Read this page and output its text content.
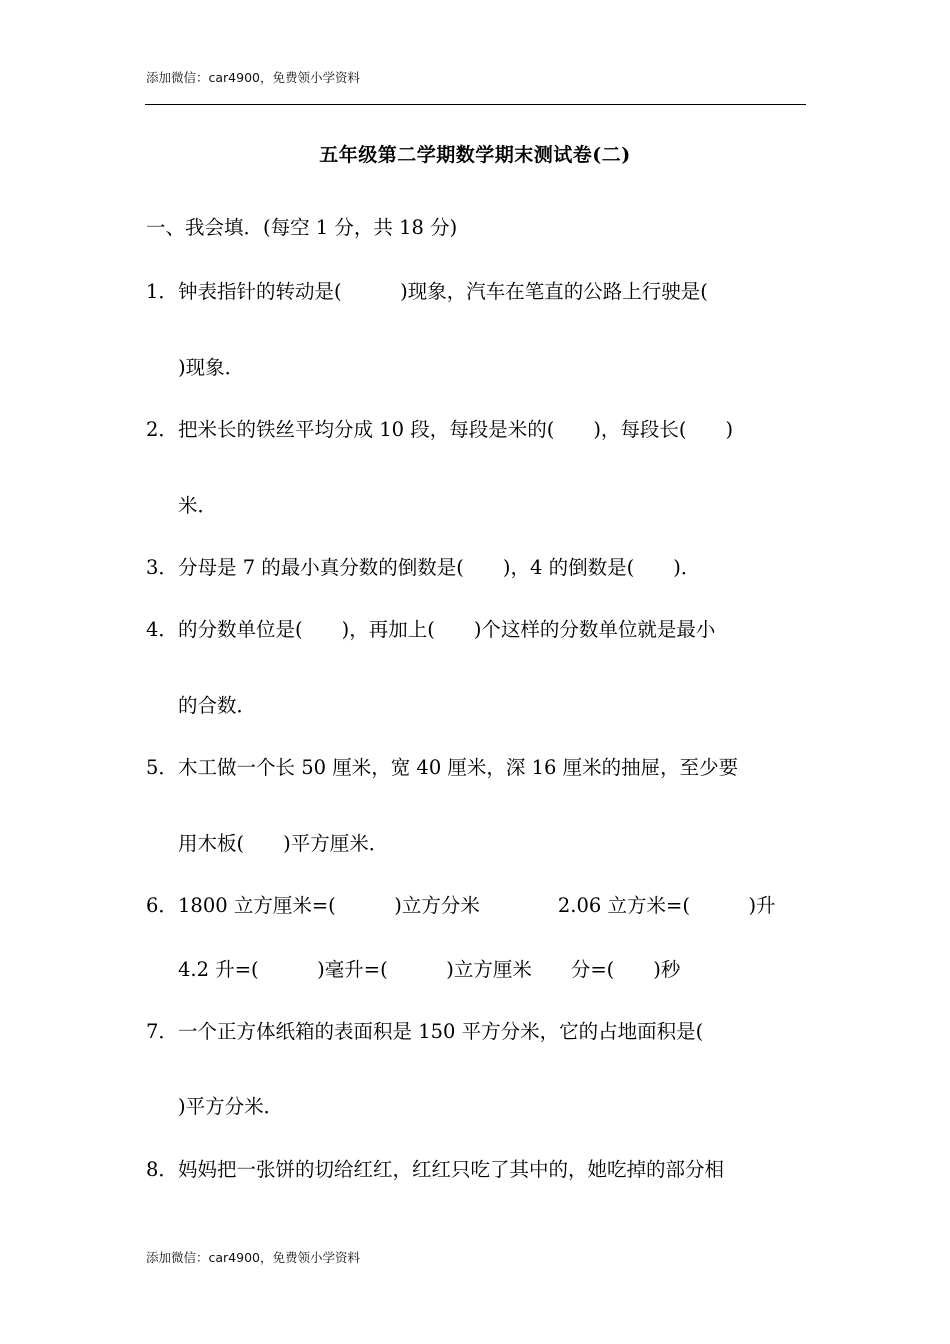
添加微信：car4900，免费领小学资料
五年级第二学期数学期末测试卷(二)
一、我会填．(每空 1 分，共 18 分)
1． 钟表指针的转动是(　　　)现象，汽车在笔直的公路上行驶是(
)现象．
2． 把米长的铁丝平均分成 10 段，每段是米的(　　)，每段长(　　)
米．
3． 分母是 7 的最小真分数的倒数是(　　)，4 的倒数是(　　)．
4． 的分数单位是(　　)，再加上(　　)个这样的分数单位就是最小
的合数．
5． 木工做一个长 50 厘米，宽 40 厘米，深 16 厘米的抽屉，至少要
用木板(　　)平方厘米．
6． 1800 立方厘米=(　　　)立方分米　　　　2.06 立方米=(　　　)升
4.2 升=(　　　)毫升=(　　　)立方厘米　　分=(　　)秒
7． 一个正方体纸箱的表面积是 150 平方分米，它的占地面积是(
)平方分米．
8． 妈妈把一张饼的切给红红，红红只吃了其中的，她吃掉的部分相
添加微信：car4900，免费领小学资料
